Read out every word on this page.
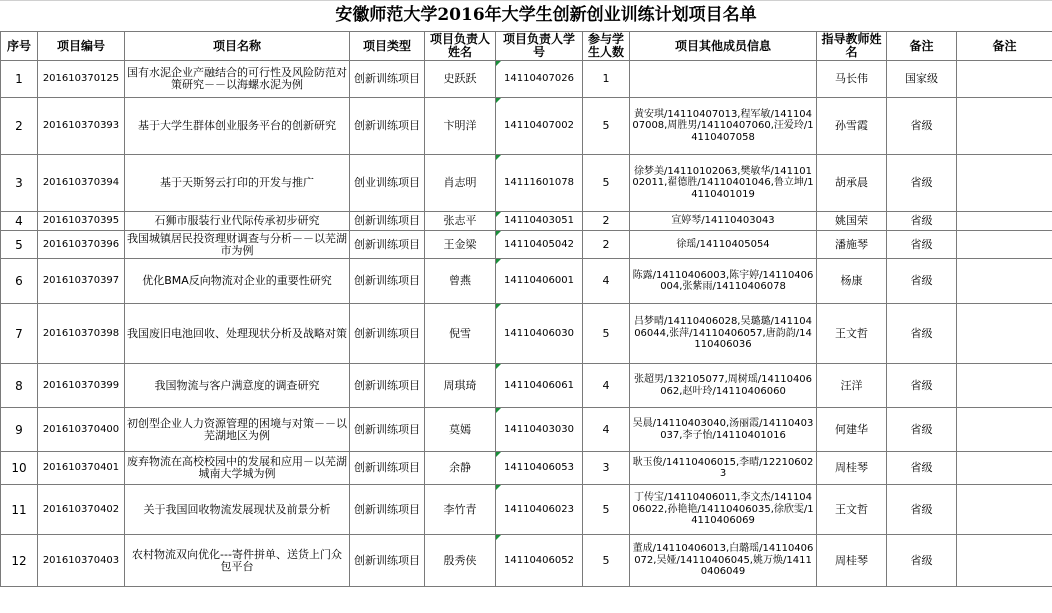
安徽师范大学2016年大学生创新创业训练计划项目名单
序号	项目编号	项目名称	项目类型	项目负责人姓名	项目负责人学号	参与学生人数	项目其他成员信息	指导教师姓名	备注	备注
1	201610370125	国有水泥企业产融结合的可行性及风险防范对策研究－－以海螺水泥为例	创新训练项目	史跃跃	14110407026	1		马长伟	国家级	
2	201610370393	基于大学生群体创业服务平台的创新研究	创新训练项目	卞明洋	14110407002	5	黄安琪/14110407013,程军敏/14110407008,周胜男/14110407060,汪爱玲/14110407058	孙雪霞	省级	
3	201610370394	基于天斯努云打印的开发与推广	创业训练项目	肖志明	14111601078	5	徐梦美/14110102063,樊敏华/14110102011,翟德胜/14110401046,鲁立坤/14110401019	胡承晨	省级	
4	201610370395	石狮市服装行业代际传承初步研究	创新训练项目	张志平	14110403051	2	宣婷琴/14110403043	姚国荣	省级	
5	201610370396	我国城镇居民投资理财调查与分析－－以芜湖市为例	创新训练项目	王金梁	14110405042	2	徐瑶/14110405054	潘施琴	省级	
6	201610370397	优化BMA反向物流对企业的重要性研究	创新训练项目	曾燕	14110406001	4	陈露/14110406003,陈宇婷/14110406004,张紫雨/14110406078	杨康	省级	
7	201610370398	我国废旧电池回收、处理现状分析及战略对策	创新训练项目	倪雪	14110406030	5	吕梦晴/14110406028,吴璐璐/14110406044,张萍/14110406057,唐韵韵/14110406036	王文哲	省级	
8	201610370399	我国物流与客户满意度的调查研究	创新训练项目	周琪琦	14110406061	4	张超男/132105077,周树瑶/14110406062,赵叶玲/14110406060	汪洋	省级	
9	201610370400	初创型企业人力资源管理的困境与对策－－以芜湖地区为例	创新训练项目	莫嫣	14110403030	4	吴晨/14110403040,汤丽霞/14110403037,李子怡/14110401016	何建华	省级	
10	201610370401	废弃物流在高校校园中的发展和应用－以芜湖城南大学城为例	创新训练项目	余静	14110406053	3	耿玉俊/14110406015,李晴/122106023	周桂琴	省级	
11	201610370402	关于我国回收物流发展现状及前景分析	创新训练项目	李竹青	14110406023	5	丁传宝/14110406011,李文杰/14110406022,孙艳艳/14110406035,徐欣雯/14110406069	王文哲	省级	
12	201610370403	农村物流双向优化---寄件拼单、送货上门众包平台	创新训练项目	殷秀侠	14110406052	5	董成/14110406013,白璐瑶/14110406072,吴娅/14110406045,姚万焕/14110406049	周桂琴	省级	
